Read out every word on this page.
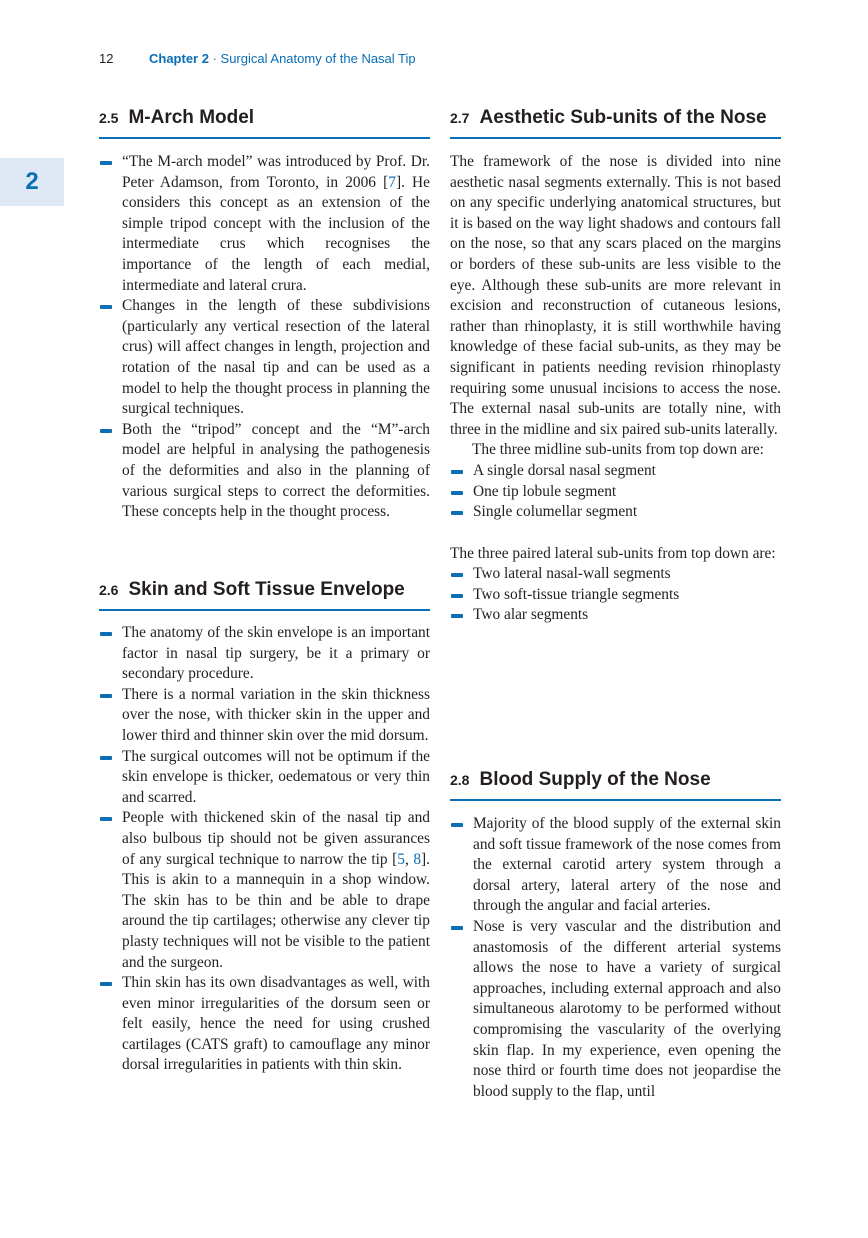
12	Chapter 2 · Surgical Anatomy of the Nasal Tip
2
2.5 M-Arch Model
“The M-arch model” was introduced by Prof. Dr. Peter Adamson, from Toronto, in 2006 [7]. He considers this concept as an extension of the simple tripod concept with the inclusion of the intermediate crus which recognises the importance of the length of each medial, intermediate and lateral crura.
Changes in the length of these subdivisions (particularly any vertical resection of the lateral crus) will affect changes in length, projection and rotation of the nasal tip and can be used as a model to help the thought process in planning the surgical techniques.
Both the “tripod” concept and the “M”-arch model are helpful in analysing the pathogenesis of the deformities and also in the planning of various surgical steps to correct the deformities. These concepts help in the thought process.
2.6 Skin and Soft Tissue Envelope
The anatomy of the skin envelope is an important factor in nasal tip surgery, be it a primary or secondary procedure.
There is a normal variation in the skin thickness over the nose, with thicker skin in the upper and lower third and thinner skin over the mid dorsum.
The surgical outcomes will not be optimum if the skin envelope is thicker, oedematous or very thin and scarred.
People with thickened skin of the nasal tip and also bulbous tip should not be given assurances of any surgical technique to narrow the tip [5, 8]. This is akin to a mannequin in a shop window. The skin has to be thin and be able to drape around the tip cartilages; otherwise any clever tip plasty techniques will not be visible to the patient and the surgeon.
Thin skin has its own disadvantages as well, with even minor irregularities of the dorsum seen or felt easily, hence the need for using crushed cartilages (CATS graft) to camouflage any minor dorsal irregularities in patients with thin skin.
2.7 Aesthetic Sub-units of the Nose

The framework of the nose is divided into nine aesthetic nasal segments externally. This is not based on any specific underlying anatomical structures, but it is based on the way light shadows and contours fall on the nose, so that any scars placed on the margins or borders of these sub-units are less visible to the eye. Although these sub-units are more relevant in excision and reconstruction of cutaneous lesions, rather than rhinoplasty, it is still worthwhile having knowledge of these facial sub-units, as they may be significant in patients needing revision rhinoplasty requiring some unusual incisions to access the nose. The external nasal sub-units are totally nine, with three in the midline and six paired sub-units laterally.

The three midline sub-units from top down are:

A single dorsal nasal segment
One tip lobule segment
Single columellar segment

The three paired lateral sub-units from top down are:

Two lateral nasal-wall segments
Two soft-tissue triangle segments
Two alar segments
2.8 Blood Supply of the Nose
Majority of the blood supply of the external skin and soft tissue framework of the nose comes from the external carotid artery system through a dorsal artery, lateral artery of the nose and through the angular and facial arteries.
Nose is very vascular and the distribution and anastomosis of the different arterial systems allows the nose to have a variety of surgical approaches, including external approach and also simultaneous alarotomy to be performed without compromising the vascularity of the overlying skin flap. In my experience, even opening the nose third or fourth time does not jeopardise the blood supply to the flap, until
